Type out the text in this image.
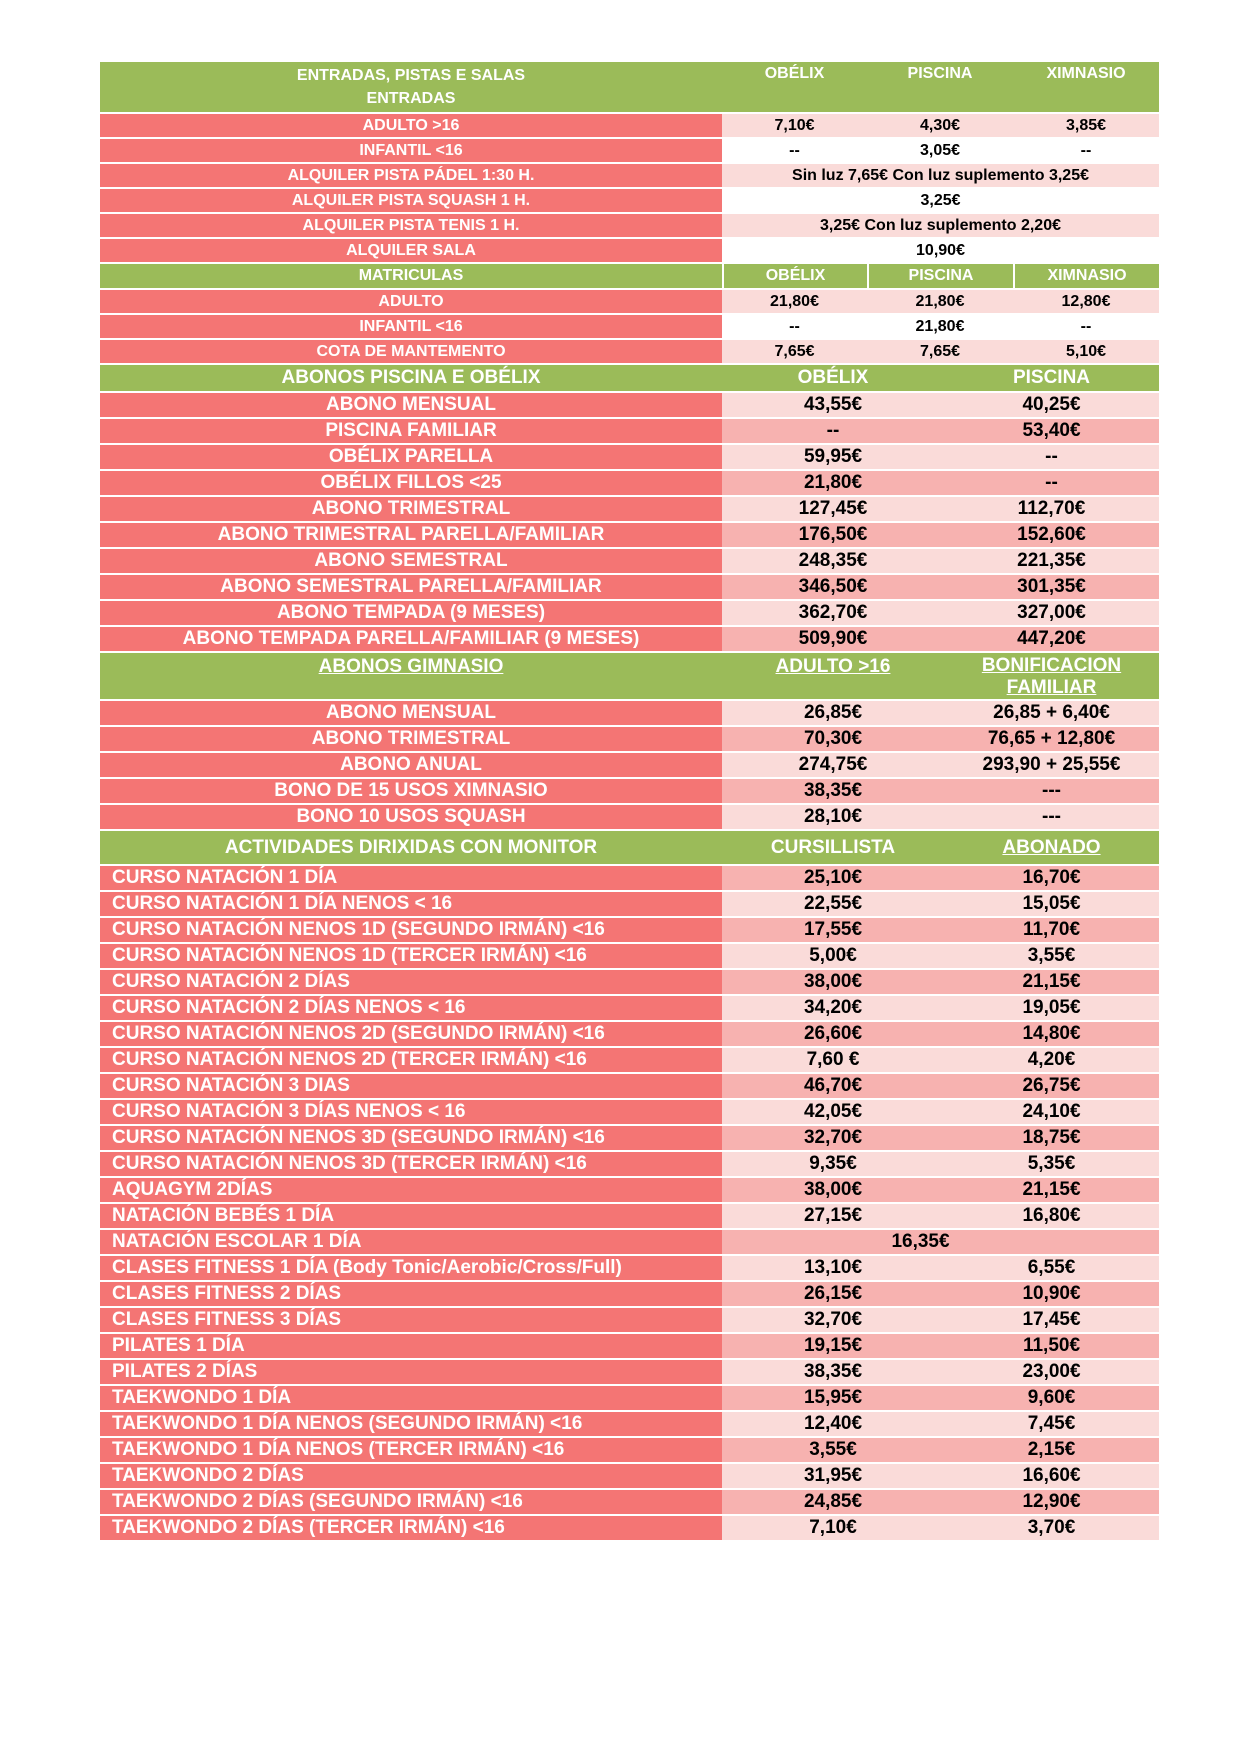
ENTRADAS, PISTAS E SALAS
ENTRADAS
OBÉLIX	PISCINA	XIMNASIO
ADULTO >16	7,10€	4,30€	3,85€
INFANTIL <16	--	3,05€	--
ALQUILER PISTA PÁDEL 1:30 H.	Sin luz 7,65€ Con luz suplemento 3,25€
ALQUILER PISTA SQUASH 1 H.	3,25€
ALQUILER PISTA TENIS 1 H.	3,25€ Con luz suplemento 2,20€
ALQUILER SALA	10,90€
MATRICULAS	OBÉLIX	PISCINA	XIMNASIO
ADULTO	21,80€	21,80€	12,80€
INFANTIL <16	--	21,80€	--
COTA DE MANTEMENTO	7,65€	7,65€	5,10€
ABONOS PISCINA E OBÉLIX	OBÉLIX	PISCINA
ABONO MENSUAL	43,55€	40,25€
PISCINA FAMILIAR	--	53,40€
OBÉLIX PARELLA	59,95€	--
OBÉLIX FILLOS <25	21,80€	--
ABONO TRIMESTRAL	127,45€	112,70€
ABONO TRIMESTRAL PARELLA/FAMILIAR	176,50€	152,60€
ABONO SEMESTRAL	248,35€	221,35€
ABONO SEMESTRAL PARELLA/FAMILIAR	346,50€	301,35€
ABONO TEMPADA (9 MESES)	362,70€	327,00€
ABONO TEMPADA PARELLA/FAMILIAR (9 MESES)	509,90€	447,20€
ABONOS GIMNASIO	ADULTO >16	BONIFICACION
FAMILIAR
ABONO MENSUAL	26,85€	26,85 + 6,40€
ABONO TRIMESTRAL	70,30€	76,65 + 12,80€
ABONO ANUAL	274,75€	293,90 + 25,55€
BONO DE 15 USOS XIMNASIO	38,35€	---
BONO 10 USOS SQUASH	28,10€	---
ACTIVIDADES DIRIXIDAS CON MONITOR	CURSILLISTA	ABONADO
CURSO NATACIÓN 1 DÍA	25,10€	16,70€
CURSO NATACIÓN 1 DÍA NENOS < 16	22,55€	15,05€
CURSO NATACIÓN NENOS 1D (SEGUNDO IRMÁN) <16	17,55€	11,70€
CURSO NATACIÓN NENOS 1D (TERCER IRMÁN) <16	5,00€	3,55€
CURSO NATACIÓN 2 DÍAS	38,00€	21,15€
CURSO NATACIÓN 2 DÍAS NENOS < 16	34,20€	19,05€
CURSO NATACIÓN NENOS 2D (SEGUNDO IRMÁN) <16	26,60€	14,80€
CURSO NATACIÓN NENOS 2D (TERCER IRMÁN) <16	7,60 €	4,20€
CURSO NATACIÓN 3 DIAS	46,70€	26,75€
CURSO NATACIÓN 3 DÍAS NENOS < 16	42,05€	24,10€
CURSO NATACIÓN NENOS 3D (SEGUNDO IRMÁN) <16	32,70€	18,75€
CURSO NATACIÓN NENOS 3D (TERCER IRMÁN) <16	9,35€	5,35€
AQUAGYM 2DÍAS	38,00€	21,15€
NATACIÓN BEBÉS 1 DÍA	27,15€	16,80€
NATACIÓN ESCOLAR 1 DÍA	16,35€
CLASES FITNESS 1 DÍA (Body Tonic/Aerobic/Cross/Full)	13,10€	6,55€
CLASES FITNESS 2 DÍAS	26,15€	10,90€
CLASES FITNESS 3 DÍAS	32,70€	17,45€
PILATES 1 DÍA	19,15€	11,50€
PILATES 2 DÍAS	38,35€	23,00€
TAEKWONDO 1 DÍA	15,95€	9,60€
TAEKWONDO 1 DÍA NENOS (SEGUNDO IRMÁN) <16	12,40€	7,45€
TAEKWONDO 1 DÍA NENOS (TERCER IRMÁN) <16	3,55€	2,15€
TAEKWONDO 2 DÍAS	31,95€	16,60€
TAEKWONDO 2 DÍAS (SEGUNDO IRMÁN) <16	24,85€	12,90€
TAEKWONDO 2 DÍAS (TERCER IRMÁN) <16	7,10€	3,70€
